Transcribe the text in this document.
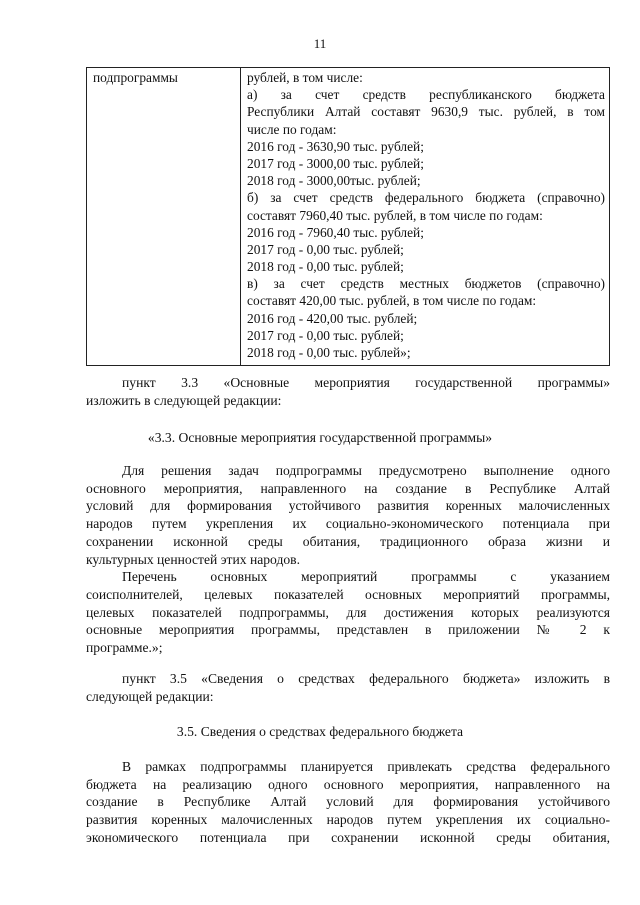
11
подпрограммы	рублей, в том числе:
а) за счет средств республиканского бюджета
Республики Алтай составят 9630,9 тыс. рублей, в том
числе по годам:
2016 год - 3630,90 тыс. рублей;
2017 год - 3000,00 тыс. рублей;
2018 год - 3000,00тыс. рублей;
б) за счет средств федерального бюджета (справочно)
составят 7960,40 тыс. рублей, в том числе по годам:
2016 год - 7960,40 тыс. рублей;
2017 год - 0,00 тыс. рублей;
2018 год - 0,00 тыс. рублей;
в) за счет средств местных бюджетов (справочно)
составят 420,00 тыс. рублей, в том числе по годам:
2016 год - 420,00 тыс. рублей;
2017 год - 0,00 тыс. рублей;
2018 год - 0,00 тыс. рублей»;
пункт 3.3 «Основные мероприятия государственной программы»
изложить в следующей редакции:
«3.3. Основные мероприятия государственной программы»
Для решения задач подпрограммы предусмотрено выполнение одного
основного мероприятия, направленного на создание в Республике Алтай
условий для формирования устойчивого развития коренных малочисленных
народов путем укрепления их социально-экономического потенциала при
сохранении исконной среды обитания, традиционного образа жизни и
культурных ценностей этих народов.
Перечень основных мероприятий программы с указанием
соисполнителей, целевых показателей основных мероприятий программы,
целевых показателей подпрограммы, для достижения которых реализуются
основные мероприятия программы, представлен в приложении № 2 к
программе.»;
пункт 3.5 «Сведения о средствах федерального бюджета» изложить в
следующей редакции:
3.5. Сведения о средствах федерального бюджета
В рамках подпрограммы планируется привлекать средства федерального
бюджета на реализацию одного основного мероприятия, направленного на
создание в Республике Алтай условий для формирования устойчивого
развития коренных малочисленных народов путем укрепления их социально-
экономического потенциала при сохранении исконной среды обитания,
